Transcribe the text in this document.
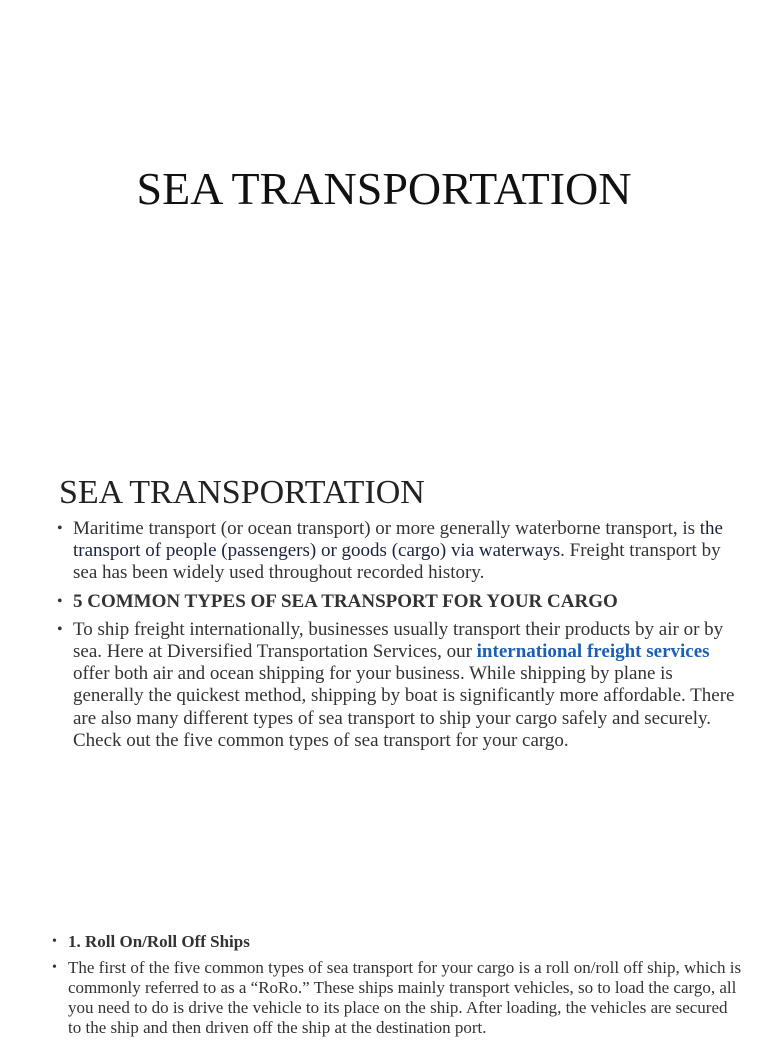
SEA TRANSPORTATION
SEA TRANSPORTATION
• Maritime transport (or ocean transport) or more generally waterborne transport, is the transport of people (passengers) or goods (cargo) via waterways. Freight transport by sea has been widely used throughout recorded history.
• 5 COMMON TYPES OF SEA TRANSPORT FOR YOUR CARGO
• To ship freight internationally, businesses usually transport their products by air or by sea. Here at Diversified Transportation Services, our international freight services offer both air and ocean shipping for your business. While shipping by plane is generally the quickest method, shipping by boat is significantly more affordable. There are also many different types of sea transport to ship your cargo safely and securely. Check out the five common types of sea transport for your cargo.
• 1. Roll On/Roll Off Ships
• The first of the five common types of sea transport for your cargo is a roll on/roll off ship, which is commonly referred to as a “RoRo.” These ships mainly transport vehicles, so to load the cargo, all you need to do is drive the vehicle to its place on the ship. After loading, the vehicles are secured to the ship and then driven off the ship at the destination port.
